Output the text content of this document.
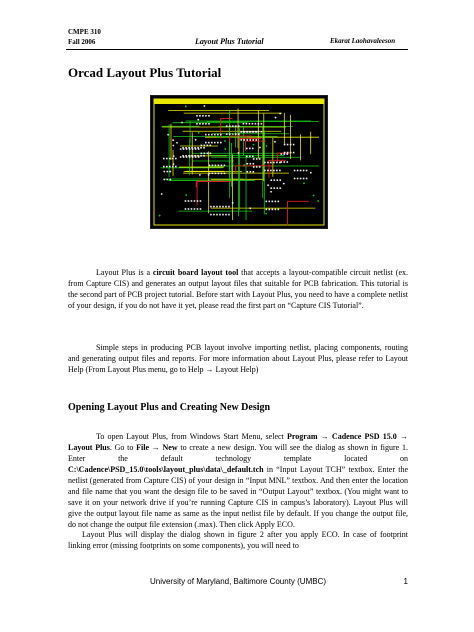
CMPE 310
Fall 2006	Layout Plus Tutorial	Ekarat Laohavaleeson
Orcad Layout Plus Tutorial

Layout Plus is a circuit board layout tool that accepts a layout-compatible circuit netlist (ex. from Capture CIS) and generates an output layout files that suitable for PCB fabrication. This tutorial is the second part of PCB project tutorial. Before start with Layout Plus, you need to have a complete netlist of your design, if you do not have it yet, please read the first part on “Capture CIS Tutorial”.

Simple steps in producing PCB layout involve importing netlist, placing components, routing and generating output files and reports. For more information about Layout Plus, please refer to Layout Help (From Layout Plus menu, go to Help → Layout Help)

Opening Layout Plus and Creating New Design

To open Layout Plus, from Windows Start Menu, select Program → Cadence PSD 15.0 → Layout Plus. Go to File → New to create a new design. You will see the dialog as shown in figure 1. Enter the default technology template located on C:\Cadence\PSD_15.0\tools\layout_plus\data\_default.tch in “Input Layout TCH” textbox. Enter the netlist (generated from Capture CIS) of your design in “Input MNL” textbox. And then enter the location and file name that you want the design file to be saved in “Output Layout” textbox. (You might want to save it on your network drive if you’re running Capture CIS in campus’s laboratory). Layout Plus will give the output layout file name as same as the input netlist file by default. If you change the output file, do not change the output file extension (.max). Then click Apply ECO.

Layout Plus will display the dialog shown in figure 2 after you apply ECO. In case of footprint linking error (missing footprints on some components), you will need to

University of Maryland, Baltimore County (UMBC)	1
